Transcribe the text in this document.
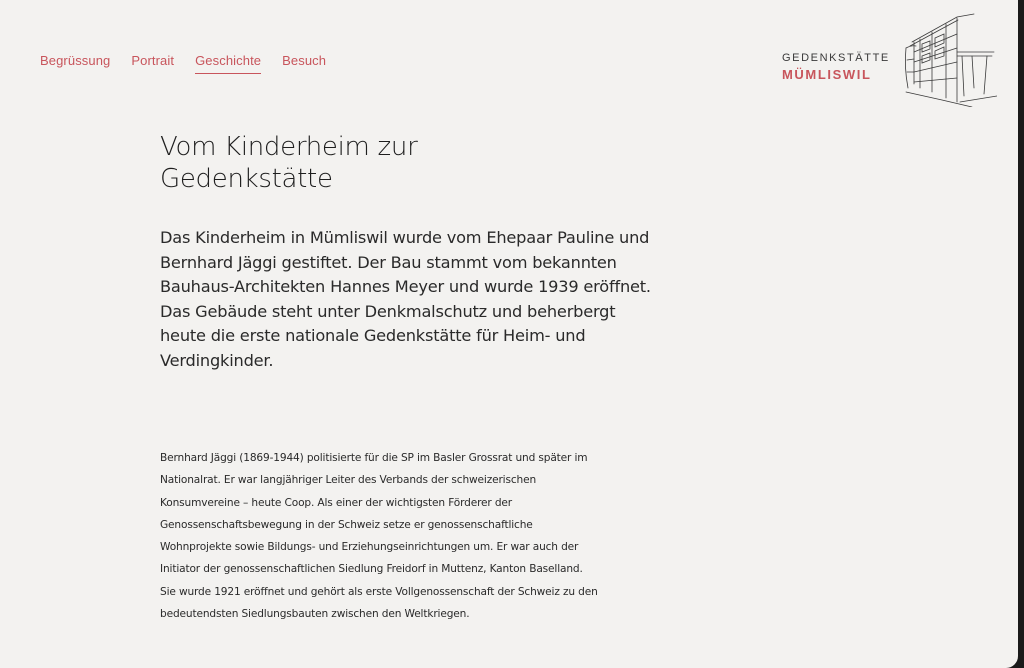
Begrüssung Portrait Geschichte Besuch	GEDENKSTÄTTE
MÜMLISWIL
Vom Kinderheim zur Gedenkstätte

Das Kinderheim in Mümliswil wurde vom Ehepaar Pauline und Bernhard Jäggi gestiftet. Der Bau stammt vom bekannten Bauhaus-Architekten Hannes Meyer und wurde 1939 eröffnet. Das Gebäude steht unter Denkmalschutz und beherbergt heute die erste nationale Gedenkstätte für Heim- und Verdingkinder.

Bernhard Jäggi (1869-1944) politisierte für die SP im Basler Grossrat und später im Nationalrat. Er war langjähriger Leiter des Verbands der schweizerischen Konsumvereine – heute Coop. Als einer der wichtigsten Förderer der Genossenschaftsbewegung in der Schweiz setze er genossenschaftliche Wohnprojekte sowie Bildungs- und Erziehungseinrichtungen um. Er war auch der Initiator der genossenschaftlichen Siedlung Freidorf in Muttenz, Kanton Baselland. Sie wurde 1921 eröffnet und gehört als erste Vollgenossenschaft der Schweiz zu den bedeutendsten Siedlungsbauten zwischen den Weltkriegen.
